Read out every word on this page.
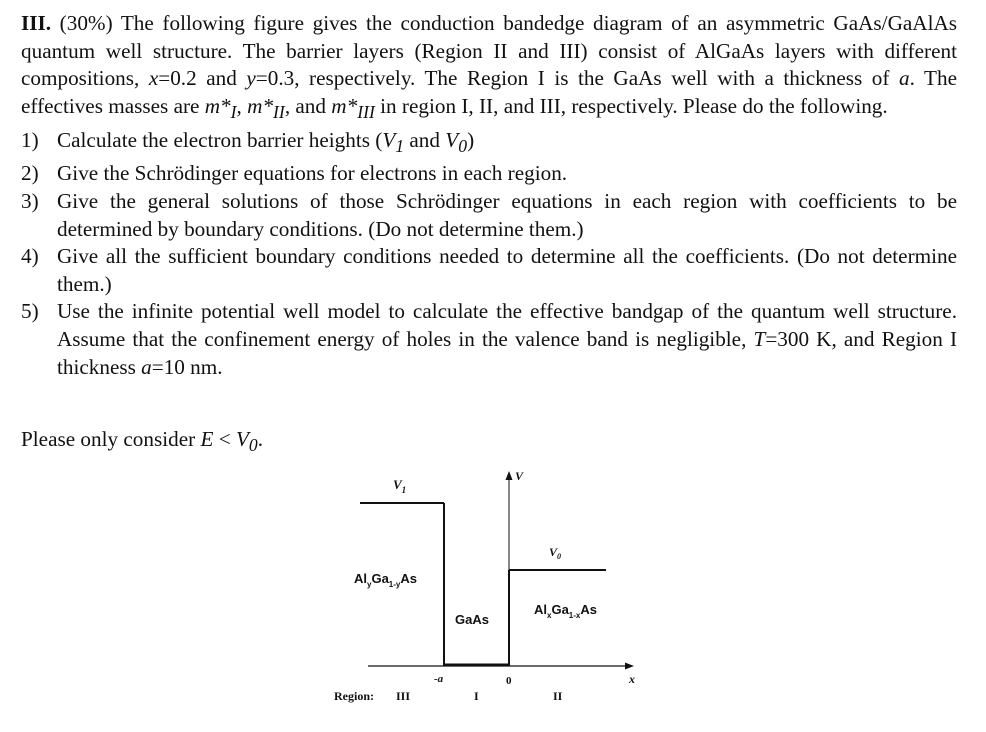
III. (30%) The following figure gives the conduction bandedge diagram of an asymmetric GaAs/GaAlAs quantum well structure. The barrier layers (Region II and III) consist of AlGaAs layers with different compositions, x=0.2 and y=0.3, respectively. The Region I is the GaAs well with a thickness of a. The effectives masses are $m*_I$, $m*_{II}$, and $m*_{III}$ in region I, II, and III, respectively. Please do the following.

1) Calculate the electron barrier heights ($V_1$ and $V_0$)
2) Give the Schrödinger equations for electrons in each region.
3) Give the general solutions of those Schrödinger equations in each region with coefficients to be determined by boundary conditions. (Do not determine them.)
4) Give all the sufficient boundary conditions needed to determine all the coefficients. (Do not determine them.)
5) Use the infinite potential well model to calculate the effective bandgap of the quantum well structure. Assume that the confinement energy of holes in the valence band is negligible, T=300 K, and Region I thickness a=10 nm.
Please only consider $E < V_0$.
V
$V_1$
$V_0$
$Al_yGa_{1-y}As$
GaAs
$Al_xGa_{1-x}As$
-a	0	x
Region: III	I	II
